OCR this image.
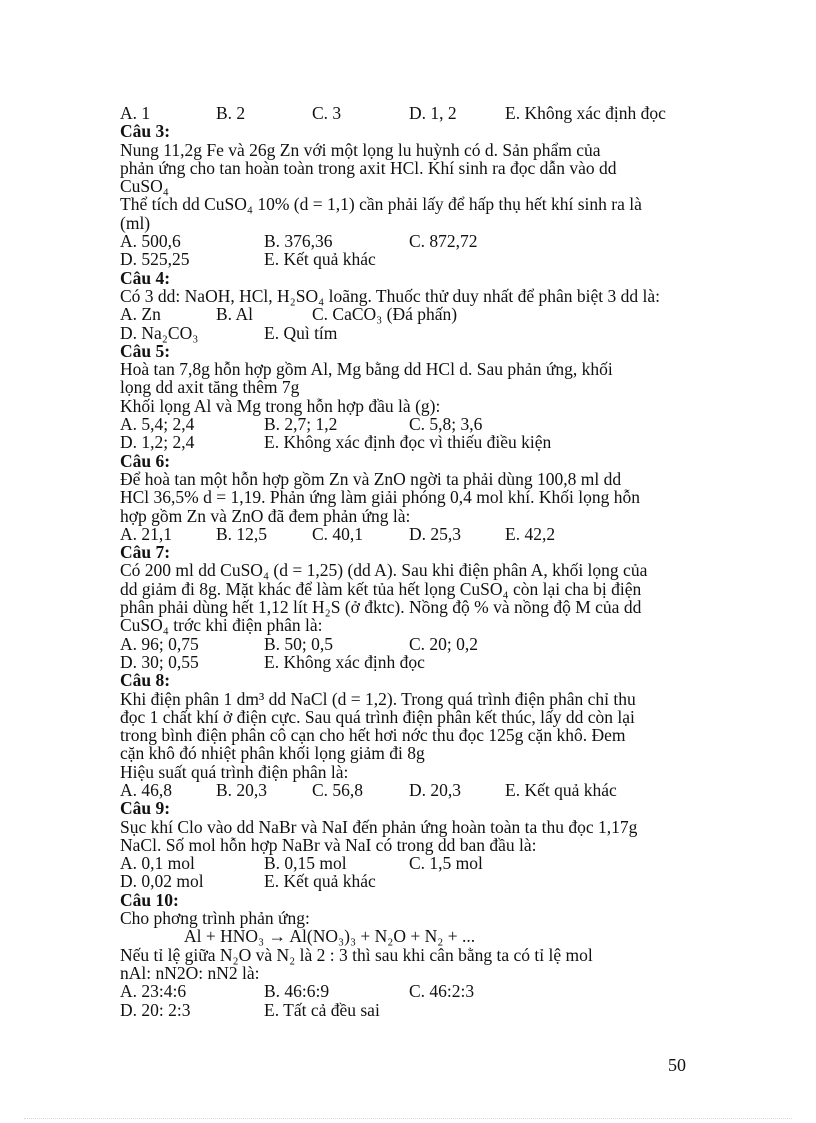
A. 1	B. 2	C. 3	D. 1, 2	E. Không xác định đọc
Câu 3:
Nung 11,2g Fe và 26g Zn với một lọng lu huỳnh có d. Sản phẩm của
phản ứng cho tan hoàn toàn trong axit HCl. Khí sinh ra đọc dẫn vào dd
CuSO₄
Thể tích dd CuSO₄ 10% (d = 1,1) cần phải lấy để hấp thụ hết khí sinh ra là
(ml)
A. 500,6	B. 376,36	C. 872,72
D. 525,25	E. Kết quả khác
Câu 4:
Có 3 dd: NaOH, HCl, H₂SO₄ loãng. Thuốc thử duy nhất để phân biệt 3 dd là:
A. Zn	B. Al	C. CaCO₃ (Đá phấn)
D. Na₂CO₃	E. Quì tím
Câu 5:
Hoà tan 7,8g hỗn hợp gồm Al, Mg bằng dd HCl d. Sau phản ứng, khối
lọng dd axit tăng thêm 7g
Khối lọng Al và Mg trong hỗn hợp đầu là (g):
A. 5,4; 2,4	B. 2,7; 1,2	C. 5,8; 3,6
D. 1,2; 2,4	E. Không xác định đọc vì thiếu điều kiện
Câu 6:
Để hoà tan một hỗn hợp gồm Zn và ZnO ngời ta phải dùng 100,8 ml dd
HCl 36,5% d = 1,19. Phản ứng làm giải phóng 0,4 mol khí. Khối lọng hỗn
hợp gồm Zn và ZnO đã đem phản ứng là:
A. 21,1	B. 12,5	C. 40,1	D. 25,3	E. 42,2
Câu 7:
Có 200 ml dd CuSO₄ (d = 1,25) (dd A). Sau khi điện phân A, khối lọng của
dd giảm đi 8g. Mặt khác để làm kết tủa hết lọng CuSO₄ còn lại cha bị điện
phân phải dùng hết 1,12 lít H₂S (ở đktc). Nồng độ % và nồng độ M của dd
CuSO₄ trớc khi điện phân là:
A. 96; 0,75	B. 50; 0,5	C. 20; 0,2
D. 30; 0,55	E. Không xác định đọc
Câu 8:
Khi điện phân 1 dm³ dd NaCl (d = 1,2). Trong quá trình điện phân chỉ thu
đọc 1 chất khí ở điện cực. Sau quá trình điện phân kết thúc, lấy dd còn lại
trong bình điện phân cô cạn cho hết hơi nớc thu đọc 125g cặn khô. Đem
cặn khô đó nhiệt phân khối lọng giảm đi 8g
Hiệu suất quá trình điện phân là:
A. 46,8	B. 20,3	C. 56,8	D. 20,3	E. Kết quả khác
Câu 9:
Sục khí Clo vào dd NaBr và NaI đến phản ứng hoàn toàn ta thu đọc 1,17g
NaCl. Số mol hỗn hợp NaBr và NaI có trong dd ban đầu là:
A. 0,1 mol	B. 0,15 mol	C. 1,5 mol
D. 0,02 mol	E. Kết quả khác
Câu 10:
Cho phơng trình phản ứng:
Al + HNO₃ → Al(NO₃)₃ + N₂O + N₂ + ...
Nếu tỉ lệ giữa N₂O và N₂ là 2 : 3 thì sau khi cân bằng ta có tỉ lệ mol
nAl: nN2O: nN2 là:
A. 23:4:6	B. 46:6:9	C. 46:2:3
D. 20: 2:3	E. Tất cả đều sai
50
